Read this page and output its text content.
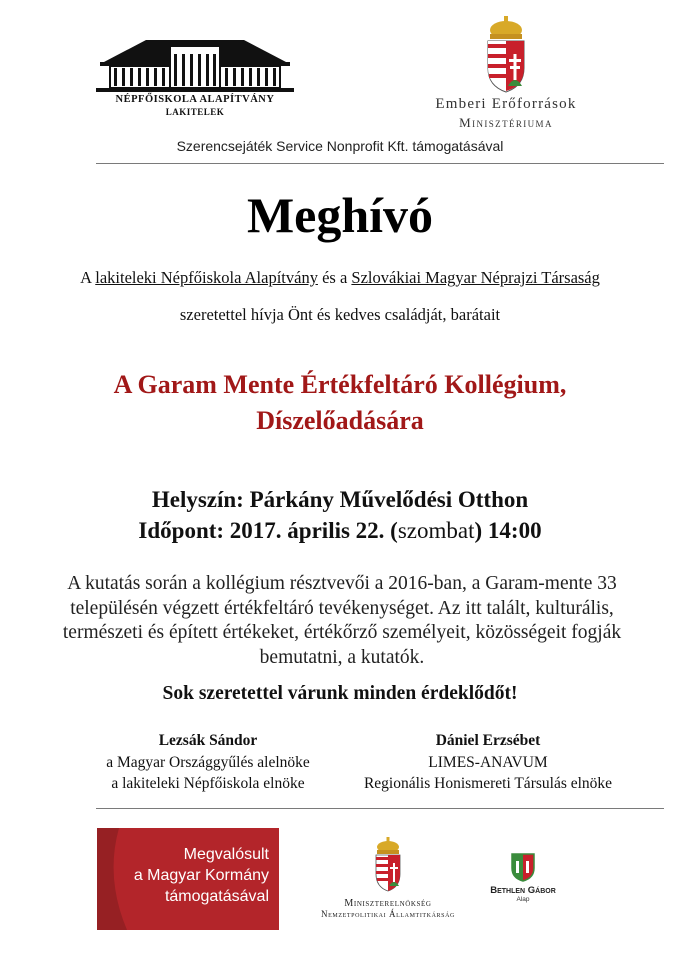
NÉPFŐISKOLA ALAPÍTVÁNY
LAKITELEK	Emberi Erőforrások
Minisztériuma
Szerencsejáték Service Nonprofit Kft. támogatásával
Meghívó
A lakiteleki Népfőiskola Alapítvány és a Szlovákiai Magyar Néprajzi Társaság
szeretettel hívja Önt és kedves családját, barátait
A Garam Mente Értékfeltáró Kollégium,
Díszelőadására
Helyszín: Párkány Művelődési Otthon
Időpont: 2017. április 22. (szombat) 14:00
A kutatás során a kollégium résztvevői a 2016-ban, a Garam-mente 33 településén végzett értékfeltáró tevékenységet. Az itt talált, kulturális, természeti és épített értékeket, értékőrző személyeit, közösségeit fogják bemutatni, a kutatók.
Sok szeretettel várunk minden érdeklődőt!
Lezsák Sándor
a Magyar Országgyűlés alelnöke
a lakiteleki Népfőiskola elnöke
Dániel Erzsébet
LIMES-ANAVUM
Regionális Honismereti Társulás elnöke
Megvalósult
a Magyar Kormány
támogatásával	Miniszterelnökség
Nemzetpolitikai Államtitkárság
Bethlen Gábor
Alap
